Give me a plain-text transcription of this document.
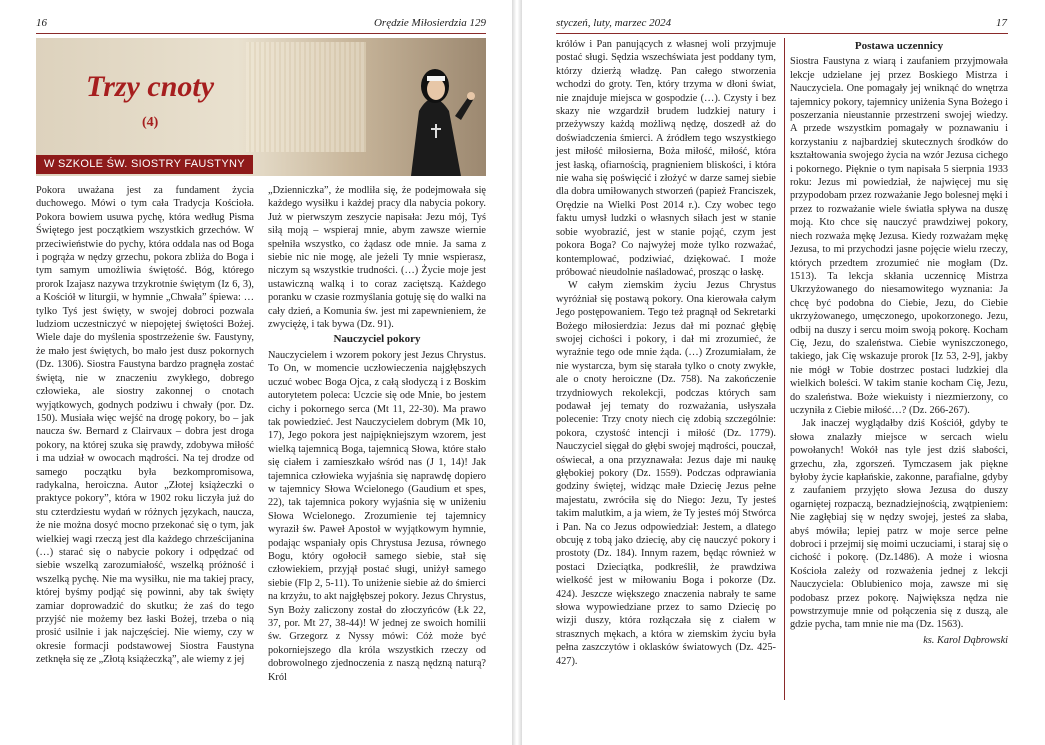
16	Orędzie Miłosierdzia 129
Trzy cnoty
(4)
W SZKOLE ŚW. SIOSTRY FAUSTYNY

Pokora uważana jest za fundament życia duchowego. Mówi o tym cała Tradycja Kościoła. Pokora bowiem usuwa pychę, która według Pisma Świętego jest początkiem wszystkich grzechów. W przeciwieństwie do pychy, która oddala nas od Boga i pogrąża w nędzy grzechu, pokora zbliża do Boga i tym samym umożliwia świętość. Bóg, którego prorok Izajasz nazywa trzykrotnie świętym (Iz 6, 3), a Kościół w liturgii, w hymnie „Chwała” śpiewa: …tylko Tyś jest święty, w swojej dobroci pozwala ludziom uczestniczyć w niepojętej świętości Bożej. Wiele daje do myślenia spostrzeżenie św. Faustyny, że mało jest świętych, bo mało jest dusz pokornych (Dz. 1306). Siostra Faustyna bardzo pragnęła zostać świętą, nie w znaczeniu zwykłego, dobrego człowieka, ale siostry zakonnej o cnotach wyjątkowych, godnych podziwu i chwały (por. Dz. 150). Musiała więc wejść na drogę pokory, bo – jak naucza św. Bernard z Clairvaux – dobra jest droga pokory, na której szuka się prawdy, zdobywa miłość i ma udział w owocach mądrości. Na tej drodze od samego początku była bezkompromisowa, radykalna, heroiczna. Autor „Złotej książeczki o praktyce pokory”, która w 1902 roku liczyła już do stu czterdziestu wydań w różnych językach, naucza, że nie można dosyć mocno przekonać się o tym, jak wielkiej wagi rzeczą jest dla każdego chrześcijanina (…) starać się o nabycie pokory i odpędzać od siebie wszelką zarozumiałość, wszelką próżność i wszelką pychę. Nie ma wysiłku, nie ma takiej pracy, której byśmy podjąć się powinni, aby tak święty zamiar doprowadzić do skutku; że zaś do tego przyjść nie możemy bez łaski Bożej, trzeba o nią prosić usilnie i jak najczęściej. Nie wiemy, czy w okresie formacji podstawowej Siostra Faustyna zetknęła się ze „Złotą książeczką”, ale wiemy z jej

„Dzienniczka”, że modliła się, że podejmowała się każdego wysiłku i każdej pracy dla nabycia pokory. Już w pierwszym zeszycie napisała: Jezu mój, Tyś siłą moją – wspieraj mnie, abym zawsze wiernie spełniła wszystko, co żądasz ode mnie. Ja sama z siebie nic nie mogę, ale jeżeli Ty mnie wspierasz, niczym są wszystkie trudności. (…) Życie moje jest ustawiczną walką i to coraz zaciętszą. Każdego poranku w czasie rozmyślania gotuję się do walki na cały dzień, a Komunia św. jest mi zapewnieniem, że zwyciężę, i tak bywa (Dz. 91).

Nauczyciel pokory

Nauczycielem i wzorem pokory jest Jezus Chrystus. To On, w momencie uczłowieczenia najgłębszych uczuć wobec Boga Ojca, z całą słodyczą i z Boskim autorytetem poleca: Uczcie się ode Mnie, bo jestem cichy i pokornego serca (Mt 11, 22-30). Ma prawo tak powiedzieć. Jest Nauczycielem dobrym (Mk 10, 17), Jego pokora jest najpiękniejszym wzorem, jest wielką tajemnicą Boga, tajemnicą Słowa, które stało się ciałem i zamieszkało wśród nas (J 1, 14)! Jak tajemnica człowieka wyjaśnia się naprawdę dopiero w tajemnicy Słowa Wcielonego (Gaudium et spes, 22), tak tajemnica pokory wyjaśnia się w uniżeniu Słowa Wcielonego. Zrozumienie tej tajemnicy wyraził św. Paweł Apostoł w wyjątkowym hymnie, podając wspaniały opis Chrystusa Jezusa, równego Bogu, który ogołocił samego siebie, stał się człowiekiem, przyjął postać sługi, uniżył samego siebie (Flp 2, 5-11). To uniżenie siebie aż do śmierci na krzyżu, to akt najgłębszej pokory. Jezus Chrystus, Syn Boży zaliczony został do złoczyńców (Łk 22, 37, por. Mt 27, 38-44)! W jednej ze swoich homilii św. Grzegorz z Nyssy mówi: Cóż może być pokorniejszego dla króla wszystkich rzeczy od dobrowolnego zjednoczenia z naszą nędzną naturą? Król

styczeń, luty, marzec 2024	17

królów i Pan panujących z własnej woli przyjmuje postać sługi. Sędzia wszechświata jest poddany tym, którzy dzierżą władzę. Pan całego stworzenia wchodzi do groty. Ten, który trzyma w dłoni świat, nie znajduje miejsca w gospodzie (…). Czysty i bez skazy nie wzgardził brudem ludzkiej natury i przeżywszy każdą możliwą nędzę, doszedł aż do doświadczenia śmierci. A źródłem tego wszystkiego jest miłość miłosierna, Boża miłość, miłość, która jest łaską, ofiarnością, pragnieniem bliskości, i która nie waha się poświęcić i złożyć w darze samej siebie dla dobra umiłowanych stworzeń (papież Franciszek, Orędzie na Wielki Post 2014 r.). Czy wobec tego faktu umysł ludzki o własnych siłach jest w stanie sobie wyobrazić, jest w stanie pojąć, czym jest pokora Boga? Co najwyżej może tylko rozważać, kontemplować, podziwiać, dziękować. I może próbować nieudolnie naśladować, prosząc o łaskę.

W całym ziemskim życiu Jezus Chrystus wyróżniał się postawą pokory. Ona kierowała całym Jego postępowaniem. Tego też pragnął od Sekretarki Bożego miłosierdzia: Jezus dał mi poznać głębię swojej cichości i pokory, i dał mi zrozumieć, że wyraźnie tego ode mnie żąda. (…) Zrozumiałam, że nie wystarcza, bym się starała tylko o cnoty zwykłe, ale o cnoty heroiczne (Dz. 758). Na zakończenie trzydniowych rekolekcji, podczas których sam podawał jej tematy do rozważania, usłyszała polecenie: Trzy cnoty niech cię zdobią szczególnie: pokora, czystość intencji i miłość (Dz. 1779). Nauczyciel sięgał do głębi swojej mądrości, pouczał, oświecał, a ona przyznawała: Jezus daje mi naukę głębokiej pokory (Dz. 1559). Podczas odprawiania godziny świętej, widząc małe Dziecię Jezus pełne majestatu, zwróciła się do Niego: Jezu, Ty jesteś takim malutkim, a ja wiem, że Ty jesteś mój Stwórca i Pan. Na co Jezus odpowiedział: Jestem, a dlatego obcuję z tobą jako dziecię, aby cię nauczyć pokory i prostoty (Dz. 184). Innym razem, będąc również w postaci Dzieciątka, podkreślił, że prawdziwa wielkość jest w miłowaniu Boga i pokorze (Dz. 424). Jeszcze większego znaczenia nabrały te same słowa wypowiedziane przez to samo Dziecię po wizji duszy, która rozłączała się z ciałem w strasznych mękach, a która w ziemskim życiu była pełna zaszczytów i oklasków światowych (Dz. 425-427).

Postawa uczennicy

Siostra Faustyna z wiarą i zaufaniem przyjmowała lekcje udzielane jej przez Boskiego Mistrza i Nauczyciela. One pomagały jej wniknąć do wnętrza tajemnicy pokory, tajemnicy uniżenia Syna Bożego i poszerzania nieustannie przestrzeni swojej wiedzy. A przede wszystkim pomagały w poznawaniu i korzystaniu z najbardziej skutecznych środków do kształtowania swojego życia na wzór Jezusa cichego i pokornego. Pięknie o tym napisała 5 sierpnia 1933 roku: Jezus mi powiedział, że najwięcej mu się przypodobam przez rozważanie Jego bolesnej męki i przez to rozważanie wiele światła spływa na duszę moją. Kto chce się nauczyć prawdziwej pokory, niech rozważa mękę Jezusa. Kiedy rozważam mękę Jezusa, to mi przychodzi jasne pojęcie wielu rzeczy, których przedtem zrozumieć nie mogłam (Dz. 1513). Ta lekcja skłania uczennicę Mistrza Ukrzyżowanego do niesamowitego wyznania: Ja chcę być podobna do Ciebie, Jezu, do Ciebie ukrzyżowanego, umęczonego, upokorzonego. Jezu, odbij na duszy i sercu moim swoją pokorę. Kocham Cię, Jezu, do szaleństwa. Ciebie wyniszczonego, takiego, jak Cię wskazuje prorok [Iz 53, 2-9], jakby nie mógł w Tobie dostrzec postaci ludzkiej dla wielkich boleści. W takim stanie kocham Cię, Jezu, do szaleństwa. Boże wiekuisty i niezmierzony, co uczyniła z Ciebie miłość…? (Dz. 266-267).

Jak inaczej wyglądałby dziś Kościół, gdyby te słowa znalazły miejsce w sercach wielu powołanych! Wokół nas tyle jest dziś słabości, grzechu, zła, zgorszeń. Tymczasem jak piękne byłoby życie kapłańskie, zakonne, parafialne, gdyby z zaufaniem przyjęto słowa Jezusa do duszy ogarniętej rozpaczą, beznadziejnością, zwątpieniem: Nie zagłębiaj się w nędzy swojej, jesteś za słaba, abyś mówiła; lepiej patrz w moje serce pełne dobroci i przejmij się moimi uczuciami, i staraj się o cichość i pokorę. (Dz.1486). A może i wiosna Kościoła zależy od rozważenia jednej z lekcji Nauczyciela: Oblubienico moja, zawsze mi się podobasz przez pokorę. Największa nędza nie powstrzymuje mnie od połączenia się z duszą, ale gdzie pycha, tam mnie nie ma (Dz. 1563).

ks. Karol Dąbrowski
